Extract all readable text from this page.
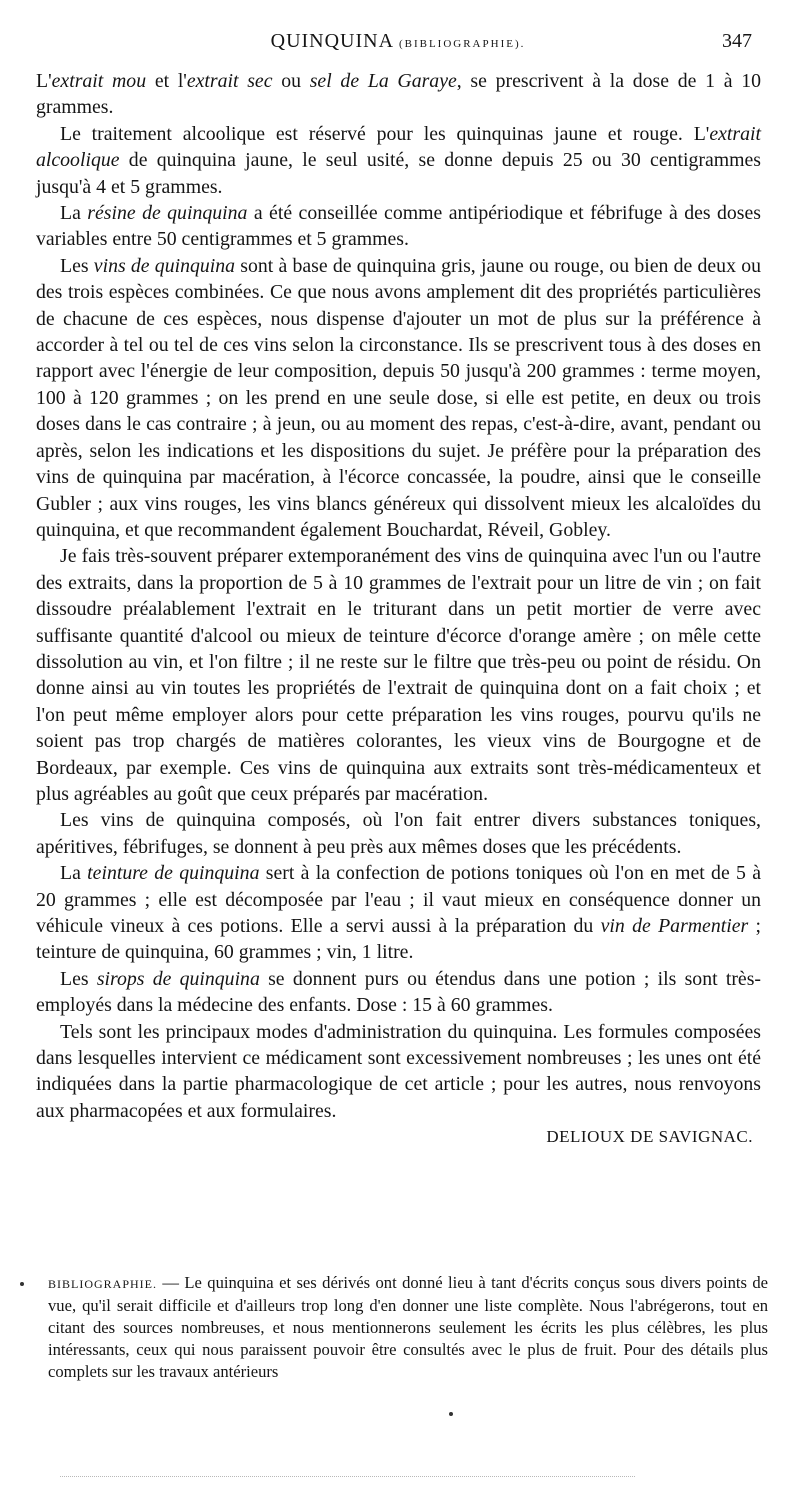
QUINQUINA (BIBLIOGRAPHIE).	347

L'extrait mou et l'extrait sec ou sel de La Garaye, se prescrivent à la dose de 1 à 10 grammes.

Le traitement alcoolique est réservé pour les quinquinas jaune et rouge. L'extrait alcoolique de quinquina jaune, le seul usité, se donne depuis 25 ou 30 centigrammes jusqu'à 4 et 5 grammes.

La résine de quinquina a été conseillée comme antipériodique et fébrifuge à des doses variables entre 50 centigrammes et 5 grammes.

Les vins de quinquina sont à base de quinquina gris, jaune ou rouge, ou bien de deux ou des trois espèces combinées. Ce que nous avons amplement dit des propriétés particulières de chacune de ces espèces, nous dispense d'ajouter un mot de plus sur la préférence à accorder à tel ou tel de ces vins selon la circonstance. Ils se prescrivent tous à des doses en rapport avec l'énergie de leur composition, depuis 50 jusqu'à 200 grammes : terme moyen, 100 à 120 grammes ; on les prend en une seule dose, si elle est petite, en deux ou trois doses dans le cas contraire ; à jeun, ou au moment des repas, c'est-à-dire, avant, pendant ou après, selon les indications et les dispositions du sujet. Je préfère pour la préparation des vins de quinquina par macération, à l'écorce concassée, la poudre, ainsi que le conseille Gubler ; aux vins rouges, les vins blancs généreux qui dissolvent mieux les alcaloïdes du quinquina, et que recommandent également Bouchardat, Réveil, Gobley.

Je fais très-souvent préparer extemporanément des vins de quinquina avec l'un ou l'autre des extraits, dans la proportion de 5 à 10 grammes de l'extrait pour un litre de vin ; on fait dissoudre préalablement l'extrait en le triturant dans un petit mortier de verre avec suffisante quantité d'alcool ou mieux de teinture d'écorce d'orange amère ; on mêle cette dissolution au vin, et l'on filtre ; il ne reste sur le filtre que très-peu ou point de résidu. On donne ainsi au vin toutes les propriétés de l'extrait de quinquina dont on a fait choix ; et l'on peut même employer alors pour cette préparation les vins rouges, pourvu qu'ils ne soient pas trop chargés de matières colorantes, les vieux vins de Bourgogne et de Bordeaux, par exemple. Ces vins de quinquina aux extraits sont très-médicamenteux et plus agréables au goût que ceux préparés par macération.

Les vins de quinquina composés, où l'on fait entrer divers substances toniques, apéritives, fébrifuges, se donnent à peu près aux mêmes doses que les précédents.

La teinture de quinquina sert à la confection de potions toniques où l'on en met de 5 à 20 grammes ; elle est décomposée par l'eau ; il vaut mieux en conséquence donner un véhicule vineux à ces potions. Elle a servi aussi à la préparation du vin de Parmentier ; teinture de quinquina, 60 grammes ; vin, 1 litre.

Les sirops de quinquina se donnent purs ou étendus dans une potion ; ils sont très-employés dans la médecine des enfants. Dose : 15 à 60 grammes.

Tels sont les principaux modes d'administration du quinquina. Les formules composées dans lesquelles intervient ce médicament sont excessivement nombreuses ; les unes ont été indiquées dans la partie pharmacologique de cet article ; pour les autres, nous renvoyons aux pharmacopées et aux formulaires.

DELIOUX DE SAVIGNAC.

BIBLIOGRAPHIE. — Le quinquina et ses dérivés ont donné lieu à tant d'écrits conçus sous divers points de vue, qu'il serait difficile et d'ailleurs trop long d'en donner une liste complète. Nous l'abrégerons, tout en citant des sources nombreuses, et nous mentionnerons seulement les écrits les plus célèbres, les plus intéressants, ceux qui nous paraissent pouvoir être consultés avec le plus de fruit. Pour des détails plus complets sur les travaux antérieurs
